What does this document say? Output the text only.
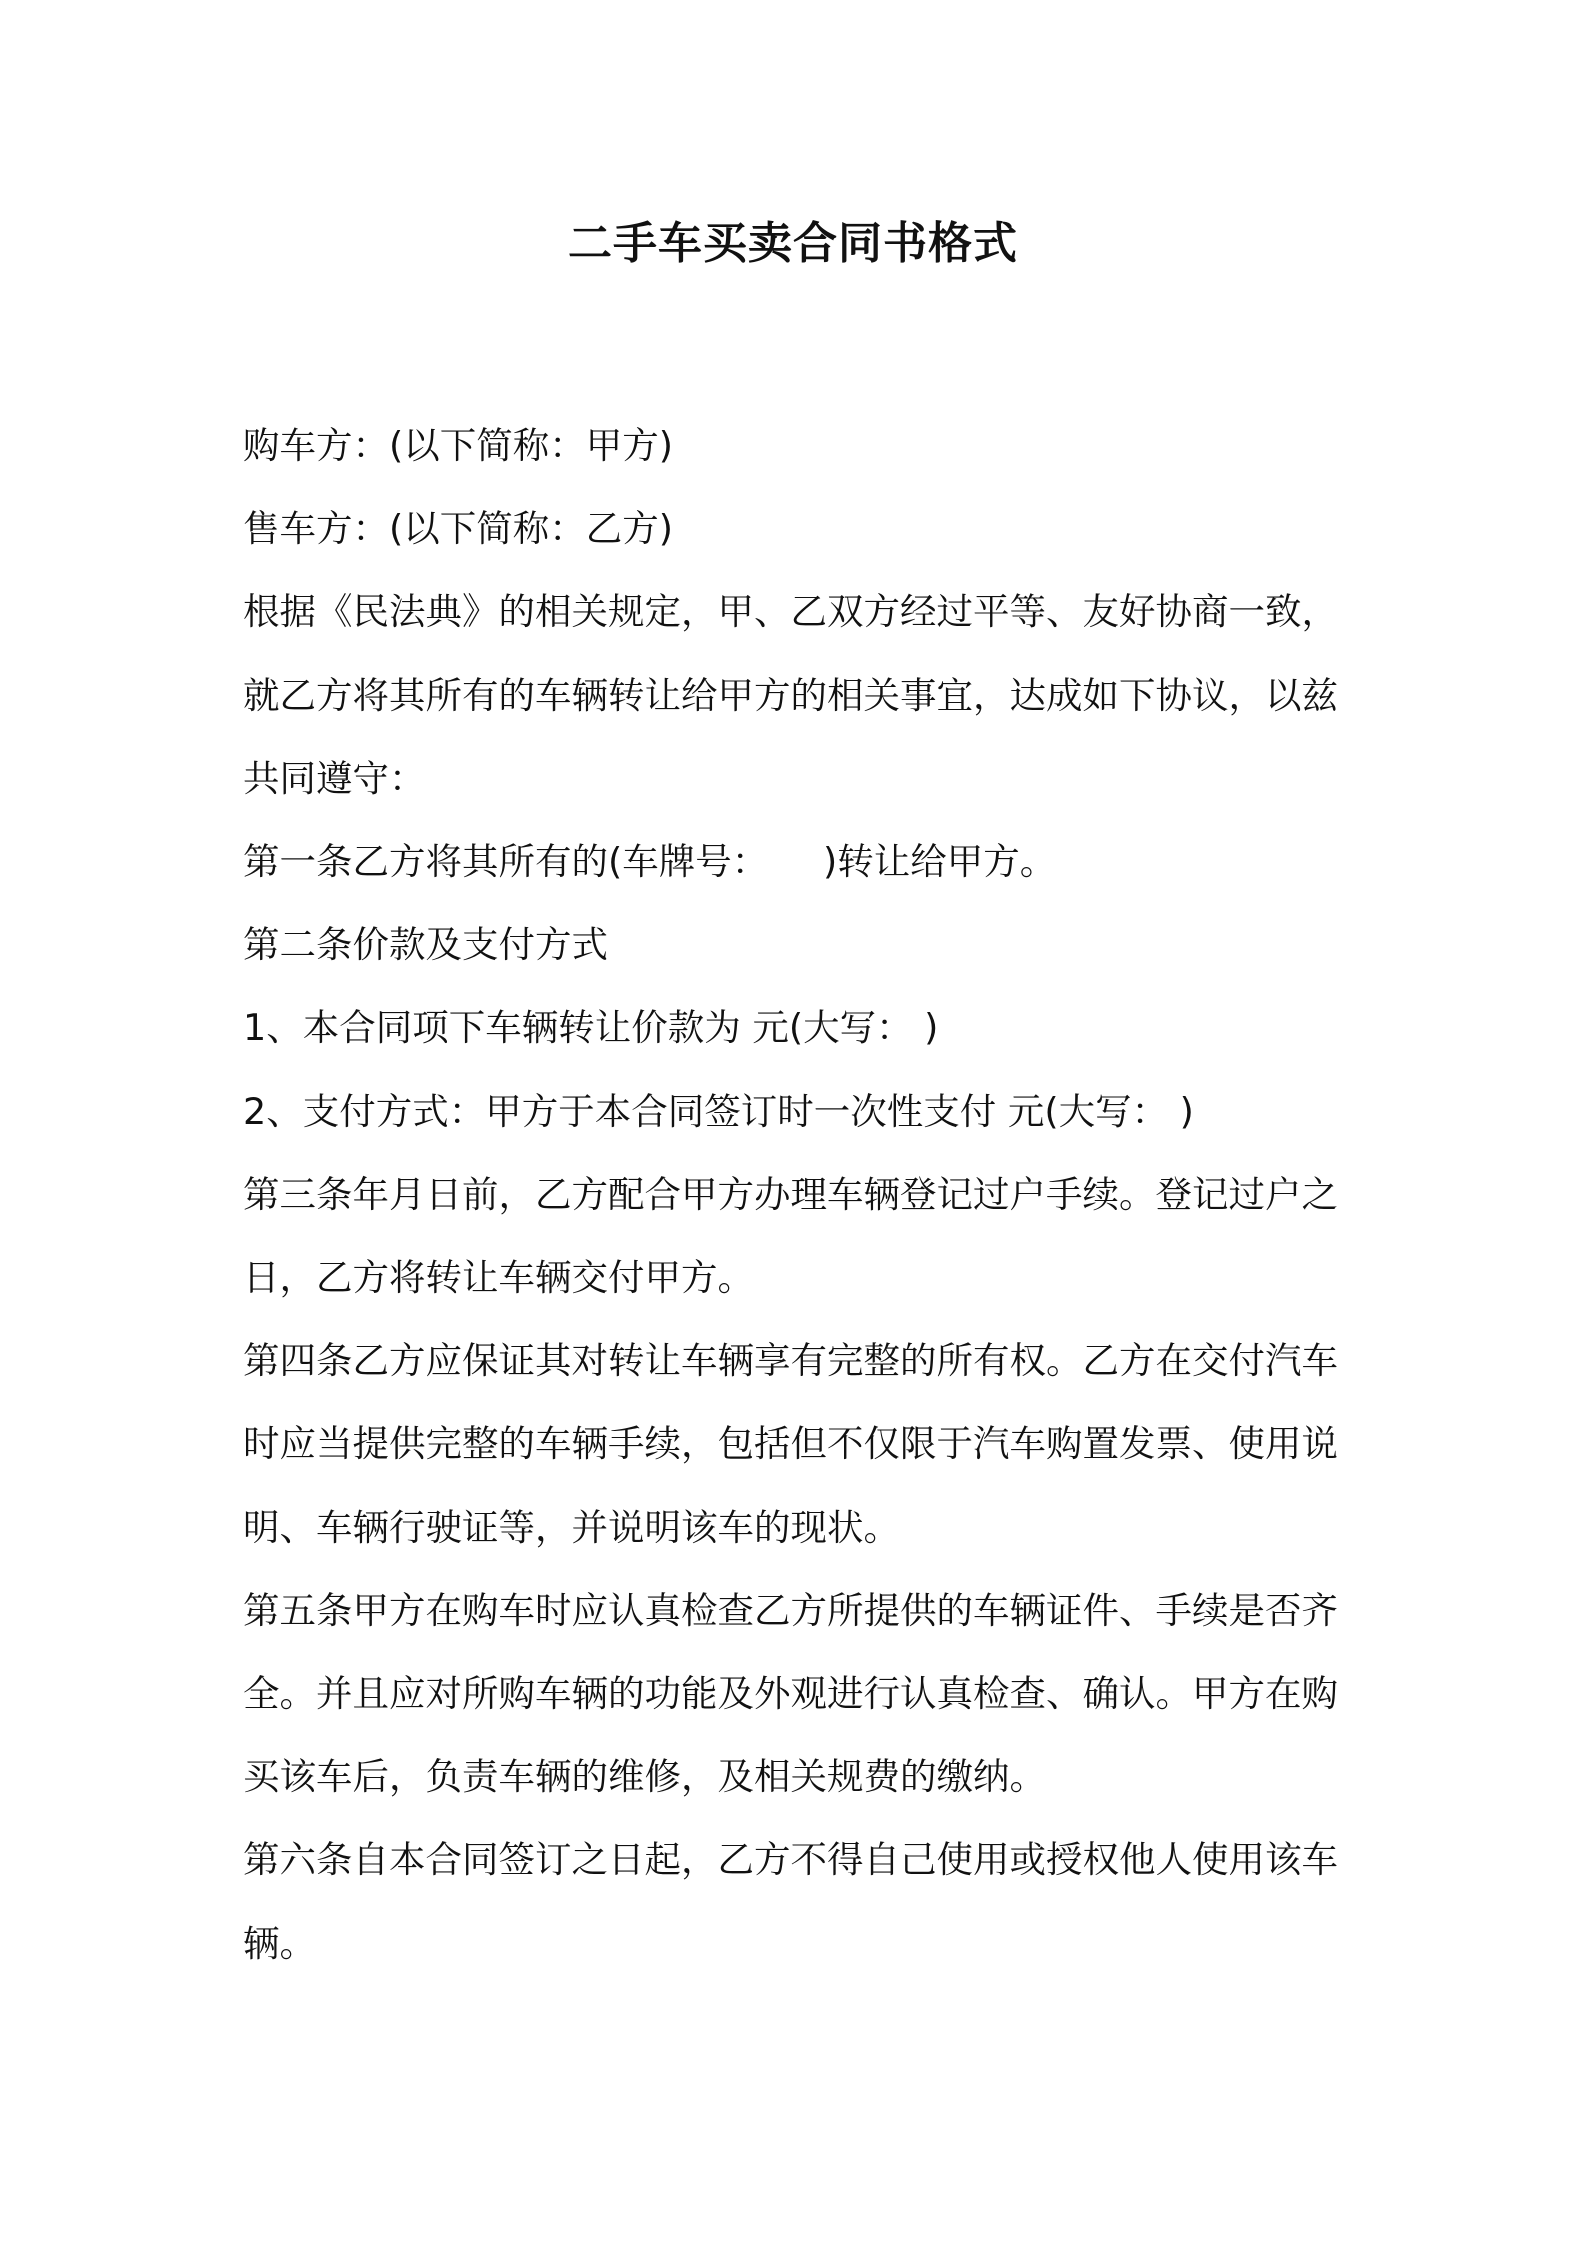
二手车买卖合同书格式

购车方：(以下简称：甲方)

售车方：(以下简称：乙方)

根据《民法典》的相关规定，甲、乙双方经过平等、友好协商一致，就乙方将其所有的车辆转让给甲方的相关事宜，达成如下协议，以兹共同遵守：

第一条乙方将其所有的(车牌号：　　)转让给甲方。

第二条价款及支付方式

1、本合同项下车辆转让价款为 元(大写： )

2、支付方式：甲方于本合同签订时一次性支付 元(大写： )

第三条年月日前，乙方配合甲方办理车辆登记过户手续。登记过户之日，乙方将转让车辆交付甲方。

第四条乙方应保证其对转让车辆享有完整的所有权。乙方在交付汽车时应当提供完整的车辆手续，包括但不仅限于汽车购置发票、使用说明、车辆行驶证等，并说明该车的现状。

第五条甲方在购车时应认真检查乙方所提供的车辆证件、手续是否齐全。并且应对所购车辆的功能及外观进行认真检查、确认。甲方在购买该车后，负责车辆的维修，及相关规费的缴纳。

第六条自本合同签订之日起，乙方不得自己使用或授权他人使用该车辆。
